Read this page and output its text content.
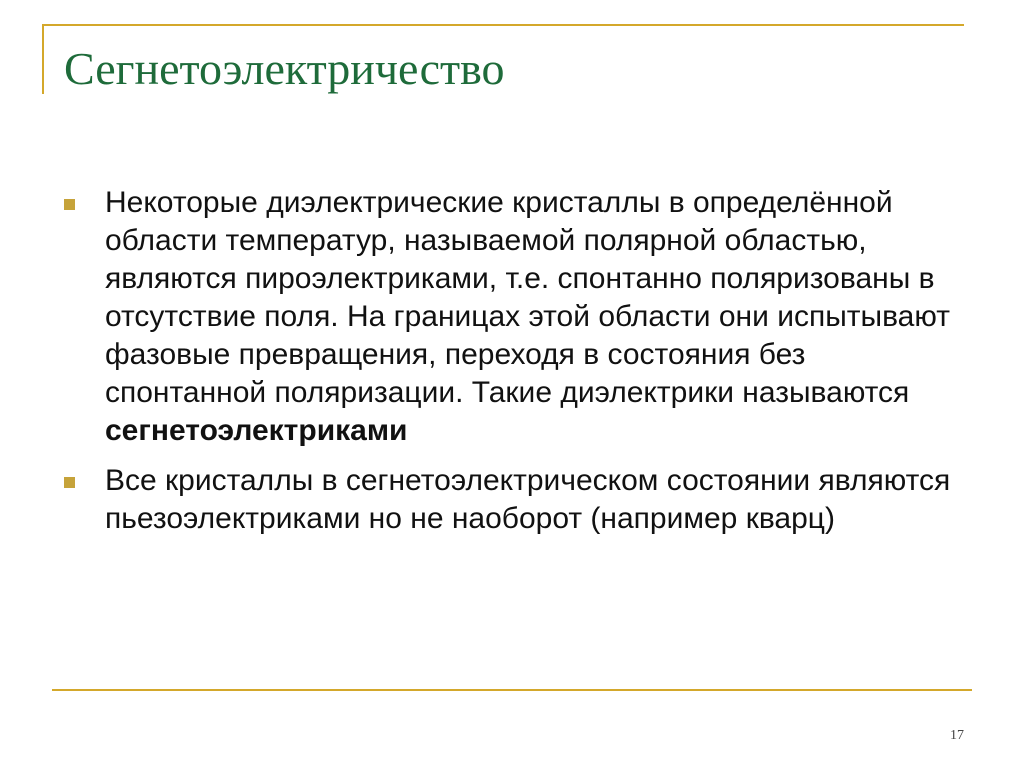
Сегнетоэлектричество
Некоторые диэлектрические кристаллы в определённой области температур, называемой полярной областью, являются пироэлектриками, т.е. спонтанно поляризованы в отсутствие поля. На границах этой области они испытывают фазовые превращения, переходя в состояния без спонтанной поляризации. Такие диэлектрики называются сегнетоэлектриками
Все кристаллы в сегнетоэлектрическом состоянии являются пьезоэлектриками но не наоборот (например кварц)
17
